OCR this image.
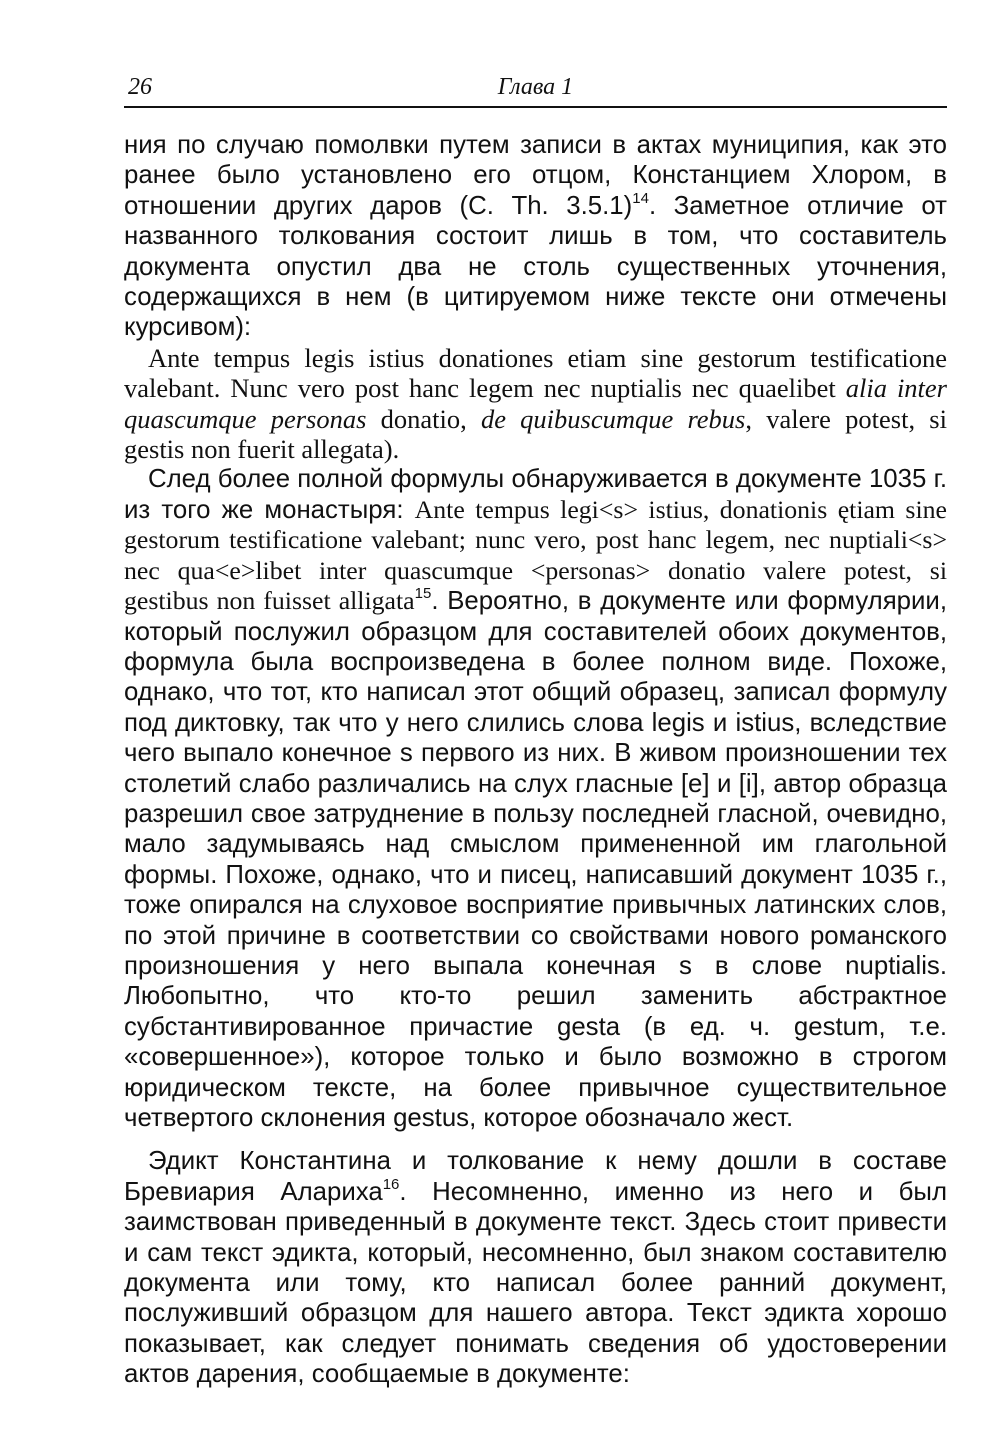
26	Глава 1

ния по случаю помолвки путем записи в актах муниципия, как это ранее было установлено его отцом, Констанцием Хлором, в отношении других даров (С. Th. 3.5.1)$^{14}$. Заметное отличие от названного толкования состоит лишь в том, что составитель документа опустил два не столь существенных уточнения, содержащихся в нем (в цитируемом ниже тексте они отмечены курсивом):

Ante tempus legis istius donationes etiam sine gestorum testificatione valebant. Nunc vero post hanc legem nec nuptialis nec quaelibet alia inter quascumque personas donatio, de quibuscumque rebus, valere potest, si gestis non fuerit allegata).

След более полной формулы обнаруживается в документе 1035 г. из того же монастыря: Ante tempus legi<s> istius, donationis ętiam sine gestorum testificatione valebant; nunc vero, post hanc legem, nec nuptiali<s> nec qua<e>libet inter quascumque <personas> donatio valere potest, si gestibus non fuisset alligata$^{15}$. Вероятно, в документе или формулярии, который послужил образцом для составителей обоих документов, формула была воспроизведена в более полном виде. Похоже, однако, что тот, кто написал этот общий образец, записал формулу под диктовку, так что у него слились слова legis и istius, вследствие чего выпало конечное s первого из них. В живом произношении тех столетий слабо различались на слух гласные [e] и [i], автор образца разрешил свое затруднение в пользу последней гласной, очевидно, мало задумываясь над смыслом примененной им глагольной формы. Похоже, однако, что и писец, написавший документ 1035 г., тоже опирался на слуховое восприятие привычных латинских слов, по этой причине в соответствии со свойствами нового романского произношения у него выпала конечная s в слове nuptialis. Любопытно, что кто-то решил заменить абстрактное субстантивированное причастие gesta (в ед. ч. gestum, т.е. «совершенное»), которое только и было возможно в строгом юридическом тексте, на более привычное существительное четвертого склонения gestus, которое обозначало жест.

Эдикт Константина и толкование к нему дошли в составе Бревиария Алариха$^{16}$. Несомненно, именно из него и был заимствован приведенный в документе текст. Здесь стоит привести и сам текст эдикта, который, несомненно, был знаком составителю документа или тому, кто написал более ранний документ, послуживший образцом для нашего автора. Текст эдикта хорошо показывает, как следует понимать сведения об удостоверении актов дарения, сообщаемые в документе:
